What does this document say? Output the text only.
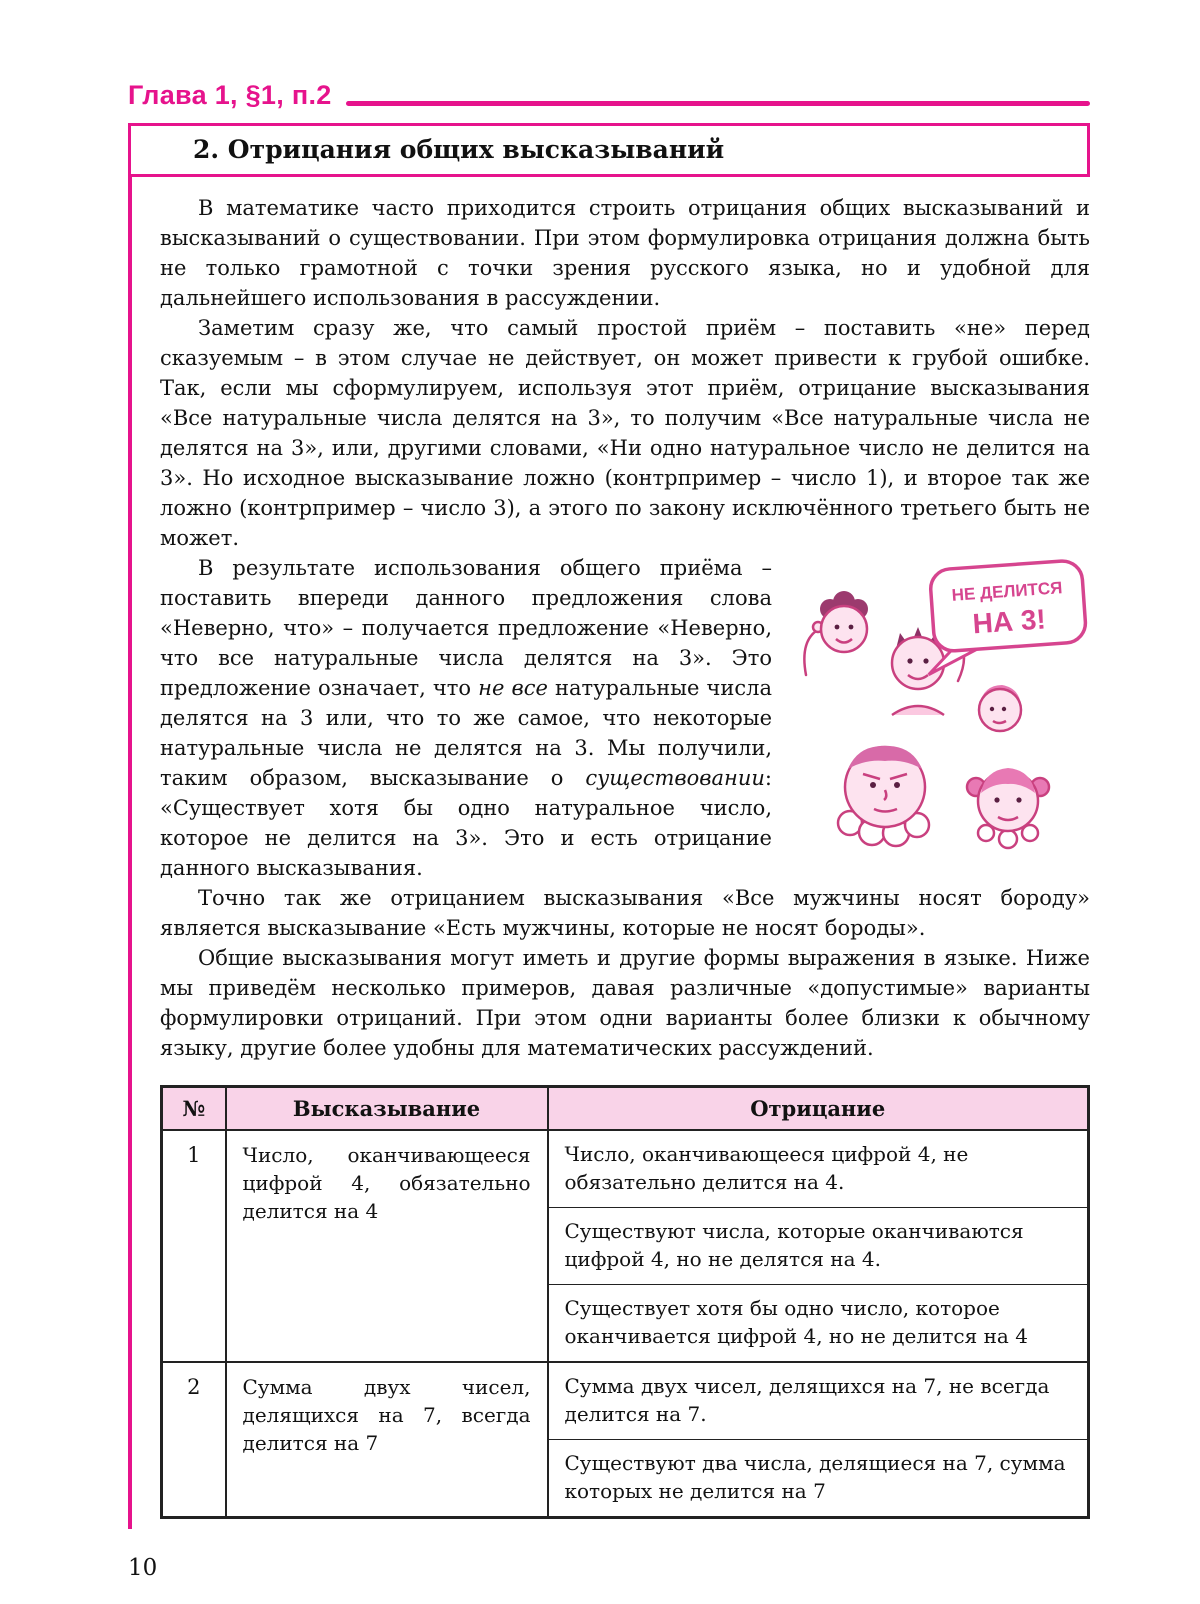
Глава 1, §1, п.2
2. Отрицания общих высказываний

В математике часто приходится строить отрицания общих высказываний и высказываний о существовании. При этом формулировка отрицания должна быть не только грамотной с точки зрения русского языка, но и удобной для дальнейшего использования в рассуждении.

Заметим сразу же, что самый простой приём – поставить «не» перед сказуемым – в этом случае не действует, он может привести к грубой ошибке. Так, если мы сформулируем, используя этот приём, отрицание высказывания «Все натуральные числа делятся на 3», то получим «Все натуральные числа не делятся на 3», или, другими словами, «Ни одно натуральное число не делится на 3». Но исходное высказывание ложно (контрпример – число 1), и второе так же ложно (контрпример – число 3), а этого по закону исключённого третьего быть не может.

НЕ ДЕЛИТСЯ
НА 3!

В результате использования общего приёма – поставить впереди данного предложения слова «Неверно, что» – получается предложение «Неверно, что все натуральные числа делятся на 3». Это предложение означает, что не все натуральные числа делятся на 3 или, что то же самое, что некоторые натуральные числа не делятся на 3. Мы получили, таким образом, высказывание о существовании: «Существует хотя бы одно натуральное число, которое не делится на 3». Это и есть отрицание данного высказывания.

Точно так же отрицанием высказывания «Все мужчины носят бороду» является высказывание «Есть мужчины, которые не носят бороды».

Общие высказывания могут иметь и другие формы выражения в языке. Ниже мы приведём несколько примеров, давая различные «допустимые» варианты формулировки отрицаний. При этом одни варианты более близки к обычному языку, другие более удобны для математических рассуждений.

№	Высказывание	Отрицание
1	Число, оканчивающееся цифрой 4, обязательно делится на 4	Число, оканчивающееся цифрой 4, не обязательно делится на 4.
Существуют числа, которые оканчиваются цифрой 4, но не делятся на 4.
Существует хотя бы одно число, которое оканчивается цифрой 4, но не делится на 4

2	Сумма двух чисел, делящихся на 7, всегда делится на 7	Сумма двух чисел, делящихся на 7, не всегда делится на 7.
Существуют два числа, делящиеся на 7, сумма которых не делится на 7
10
